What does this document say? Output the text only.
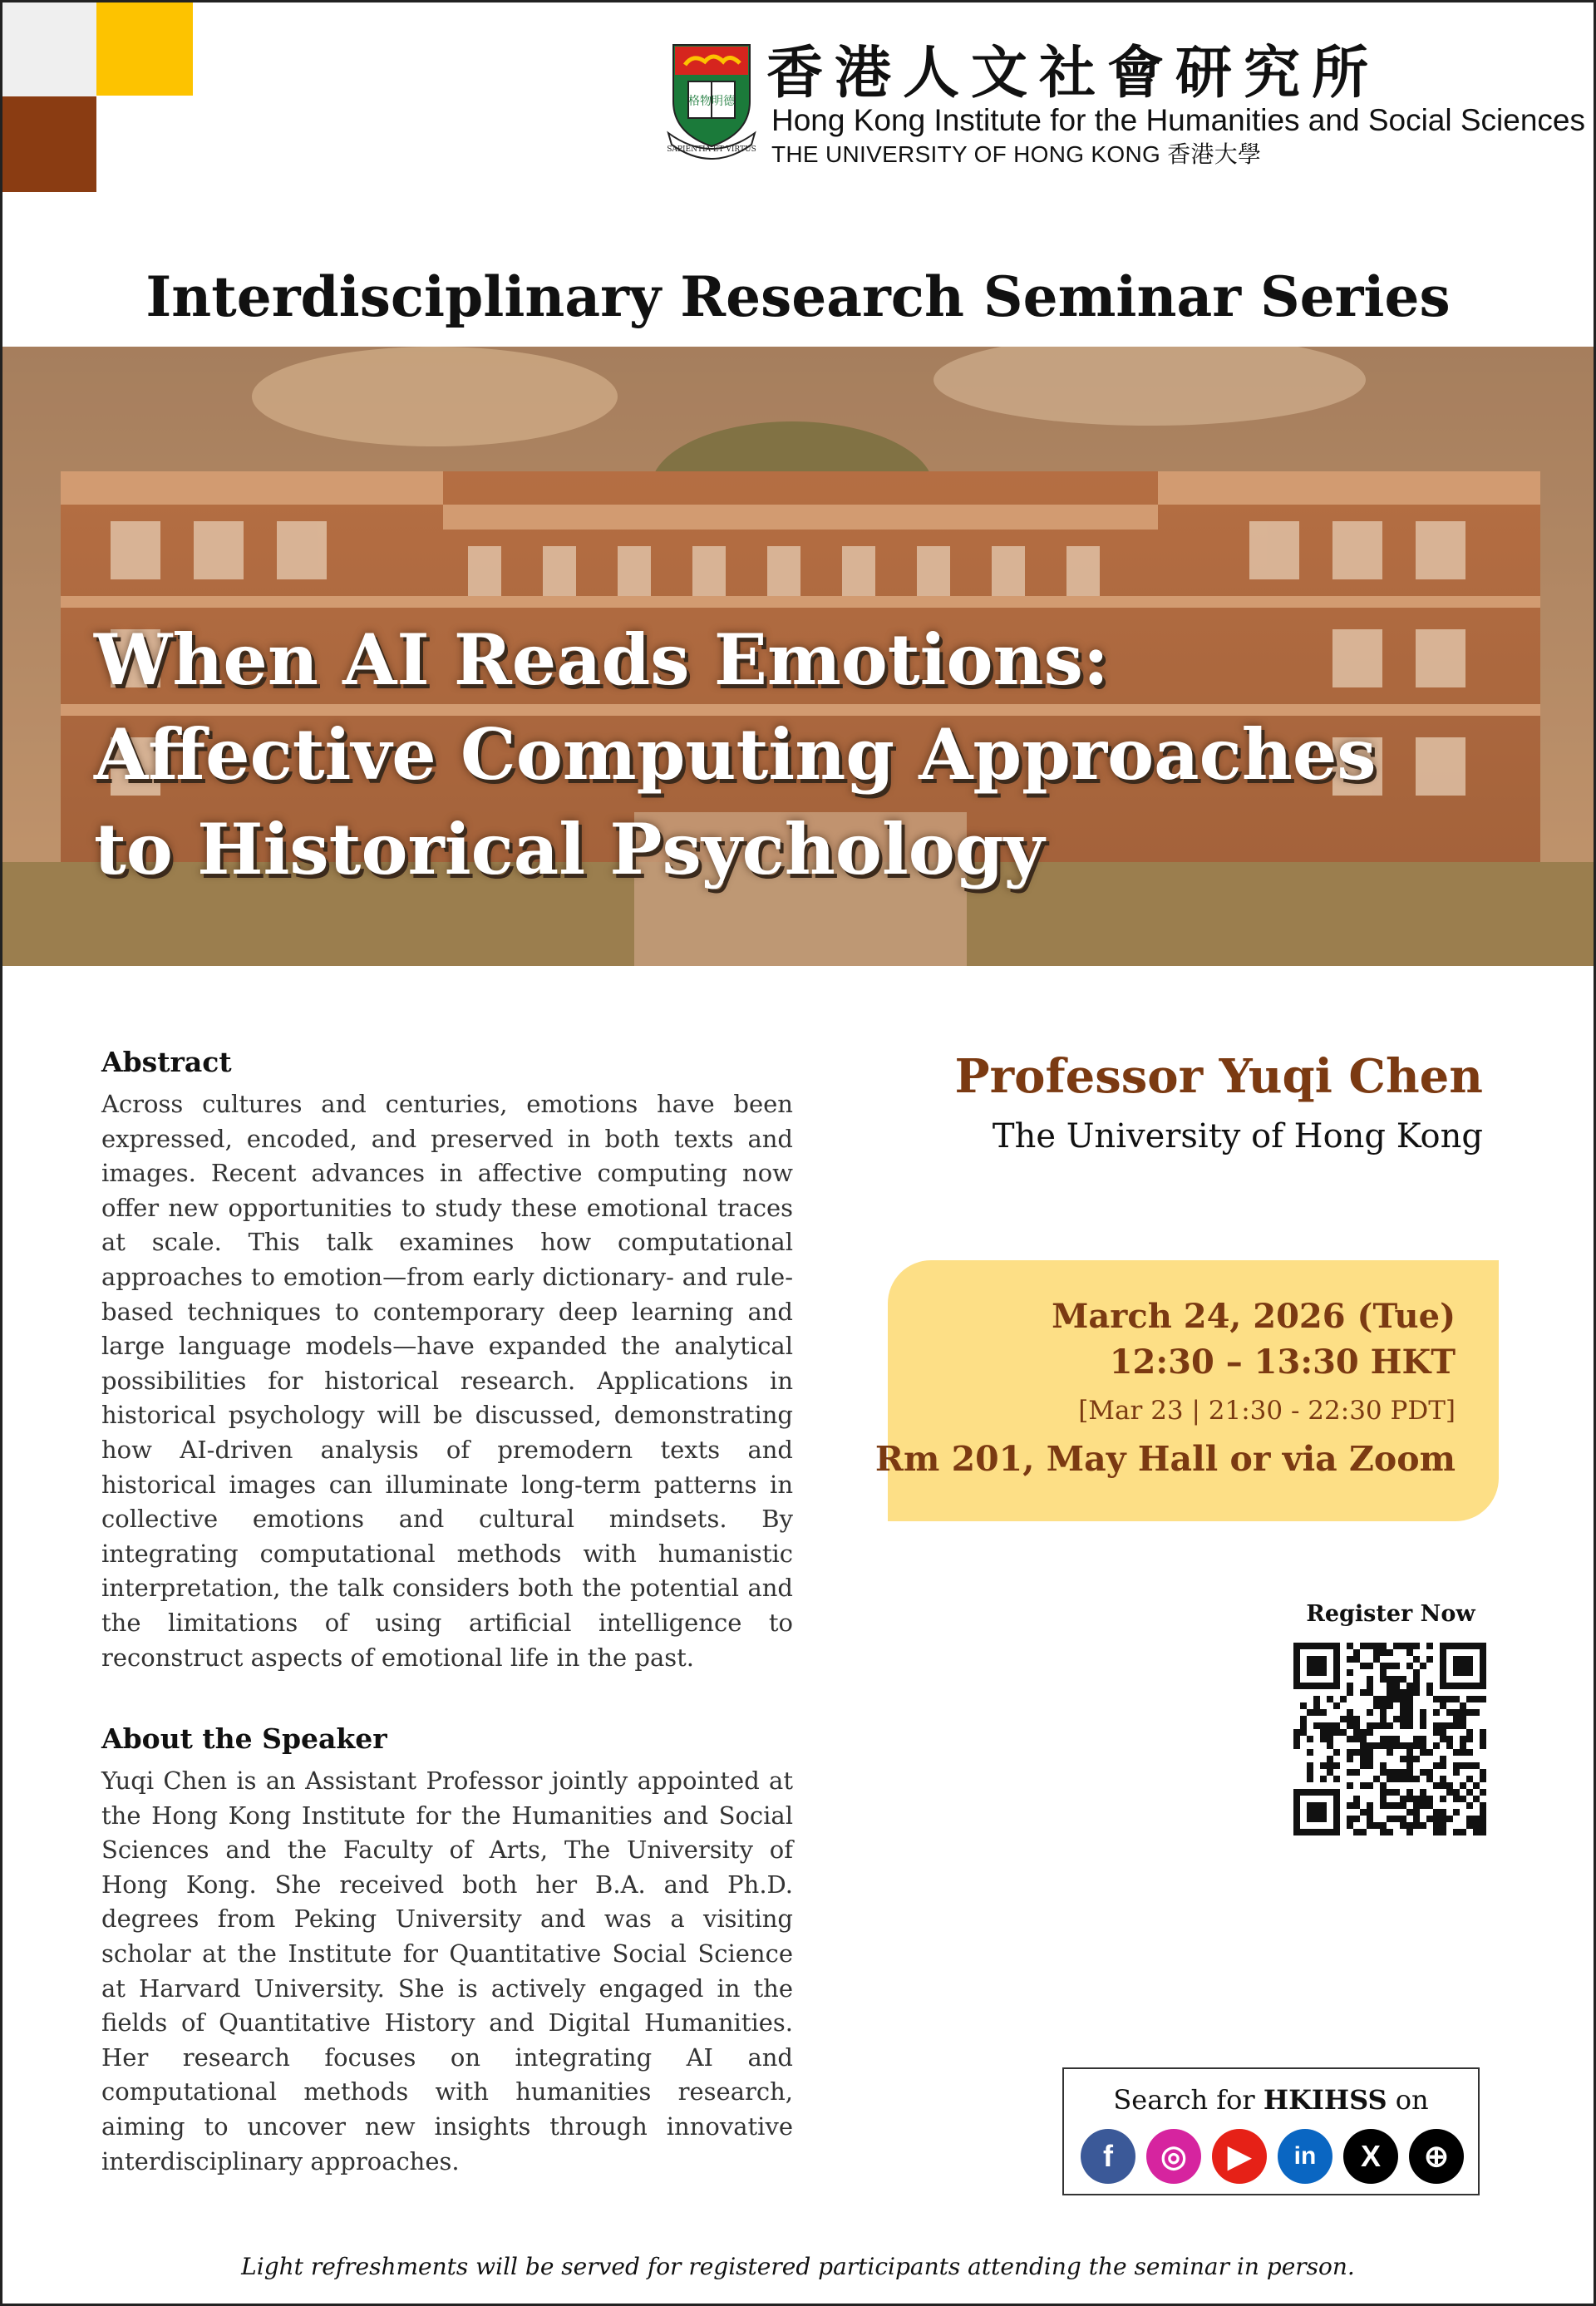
格物 明德
SAPIENTIA ET VIRTUS
香港人文社會研究所
Hong Kong Institute for the Humanities and Social Sciences
THE UNIVERSITY OF HONG KONG 香港大學
Interdisciplinary Research Seminar Series
When AI Reads Emotions:
Affective Computing Approaches
to Historical Psychology
Abstract
Across cultures and centuries, emotions have been expressed, encoded, and preserved in both texts and images. Recent advances in affective computing now offer new opportunities to study these emotional traces at scale. This talk examines how computational approaches to emotion—from early dictionary- and rule-based techniques to contemporary deep learning and large language models—have expanded the analytical possibilities for historical research. Applications in historical psychology will be discussed, demonstrating how AI-driven analysis of premodern texts and historical images can illuminate long-term patterns in collective emotions and cultural mindsets. By integrating computational methods with humanistic interpretation, the talk considers both the potential and the limitations of using artificial intelligence to reconstruct aspects of emotional life in the past.
About the Speaker
Yuqi Chen is an Assistant Professor jointly appointed at the Hong Kong Institute for the Humanities and Social Sciences and the Faculty of Arts, The University of Hong Kong. She received both her B.A. and Ph.D. degrees from Peking University and was a visiting scholar at the Institute for Quantitative Social Science at Harvard University. She is actively engaged in the fields of Quantitative History and Digital Humanities. Her research focuses on integrating AI and computational methods with humanities research, aiming to uncover new insights through innovative interdisciplinary approaches.
Professor Yuqi Chen
The University of Hong Kong
March 24, 2026 (Tue)
12:30 – 13:30 HKT
[Mar 23 | 21:30 - 22:30 PDT]
Rm 201, May Hall or via Zoom
Register Now
Search for HKIHSS on
f	◎	▶	in	X	⊕
Light refreshments will be served for registered participants attending the seminar in person.
